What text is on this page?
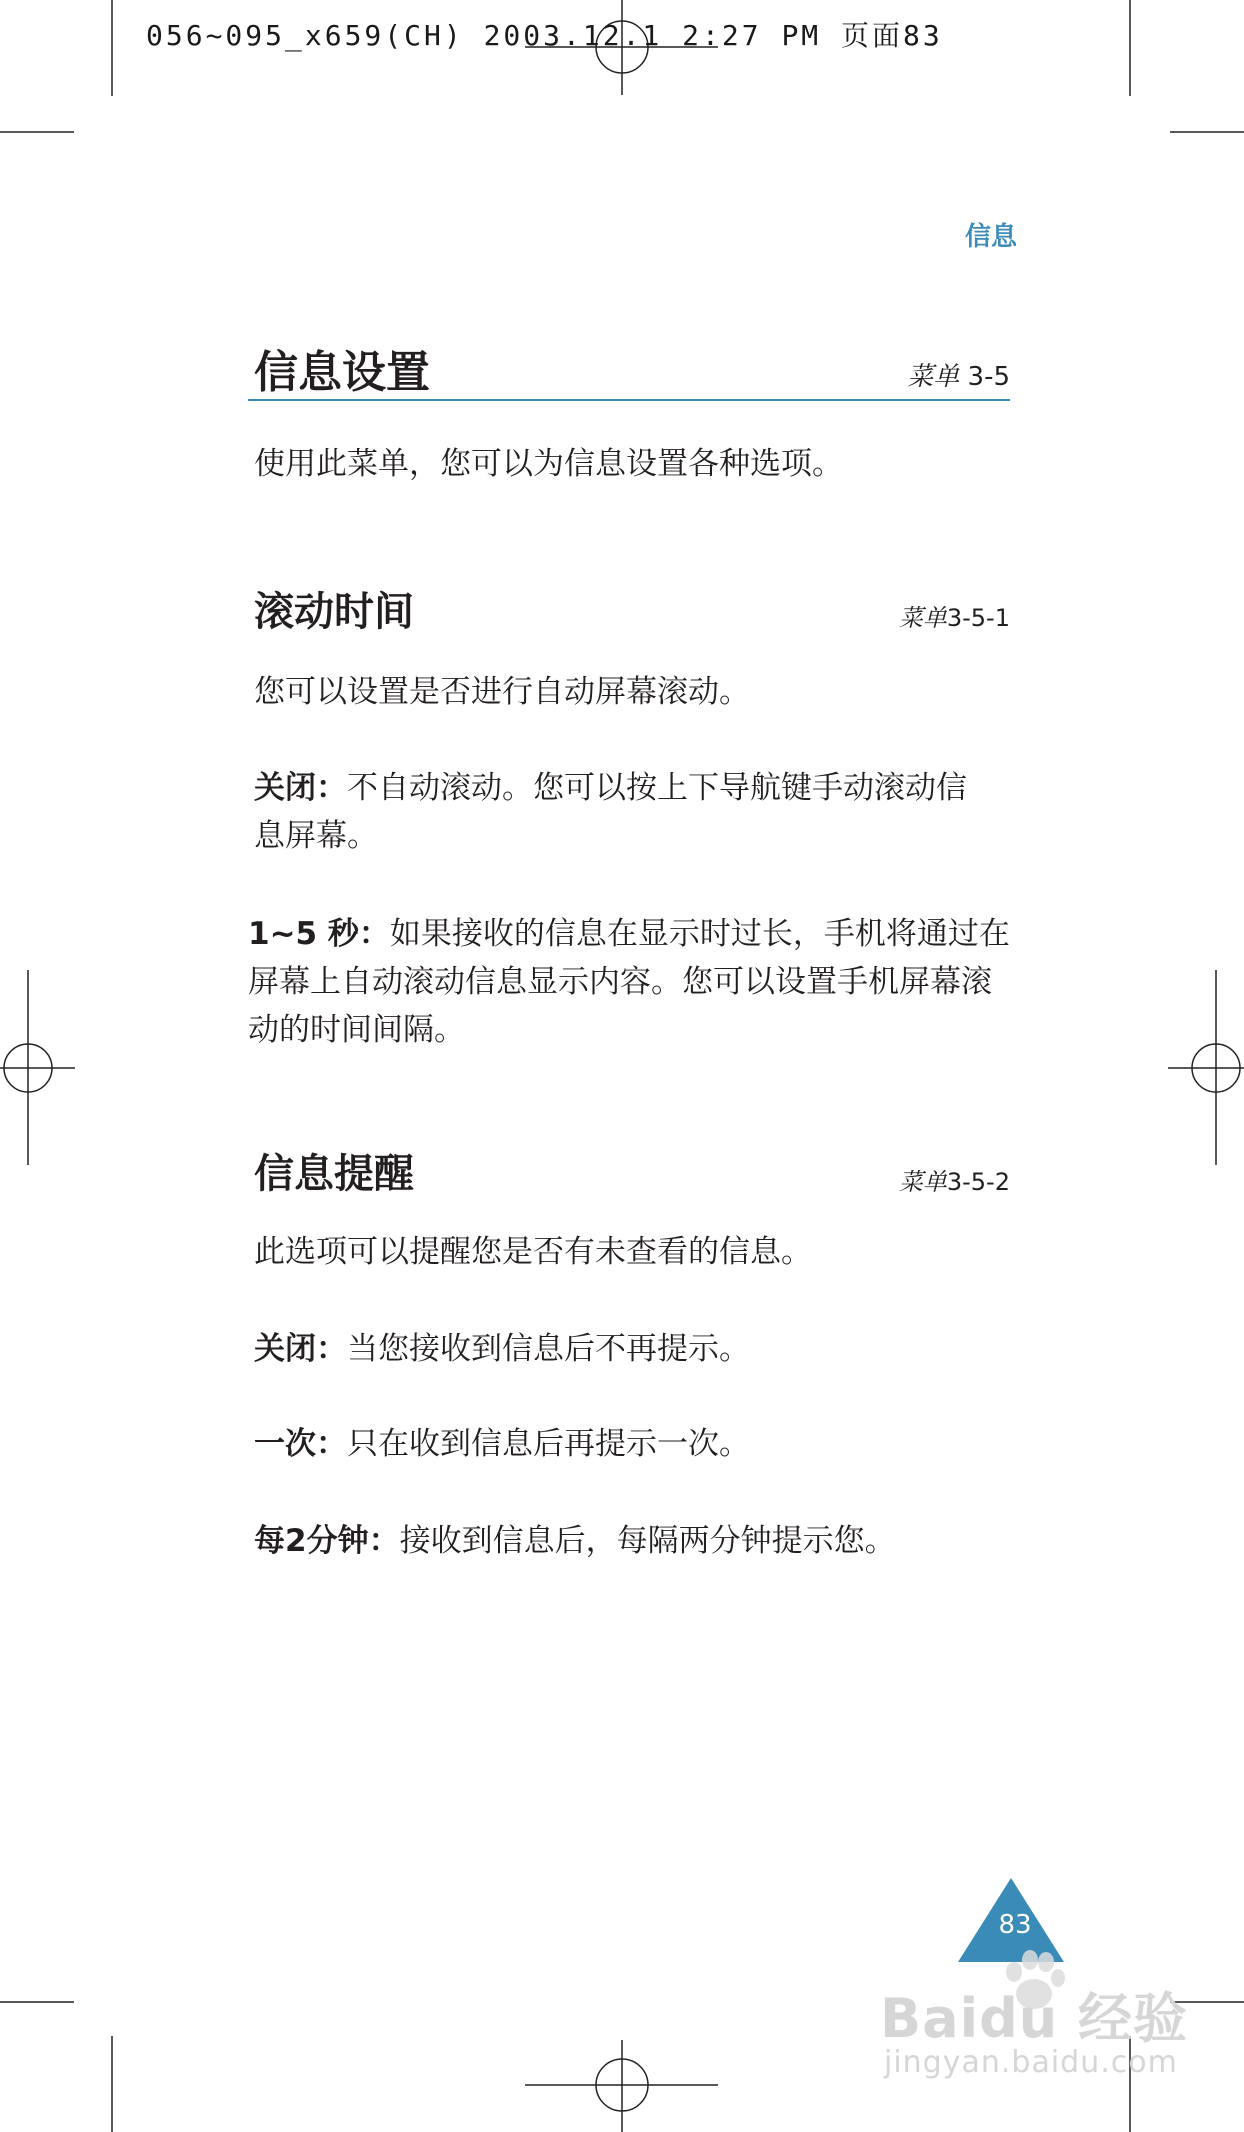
056~095_x659(CH) 2003.12.1 2:27 PM 页面83
信息
信息设置	菜单 3-5
使用此菜单，您可以为信息设置各种选项。
滚动时间	菜单3-5-1
您可以设置是否进行自动屏幕滚动。
关闭：不自动滚动。您可以按上下导航键手动滚动信息屏幕。
1~5 秒：如果接收的信息在显示时过长，手机将通过在屏幕上自动滚动信息显示内容。您可以设置手机屏幕滚动的时间间隔。
信息提醒	菜单3-5-2
此选项可以提醒您是否有未查看的信息。
关闭：当您接收到信息后不再提示。
一次：只在收到信息后再提示一次。
每2分钟：接收到信息后，每隔两分钟提示您。
83
Baidu 经验
jingyan.baidu.com
